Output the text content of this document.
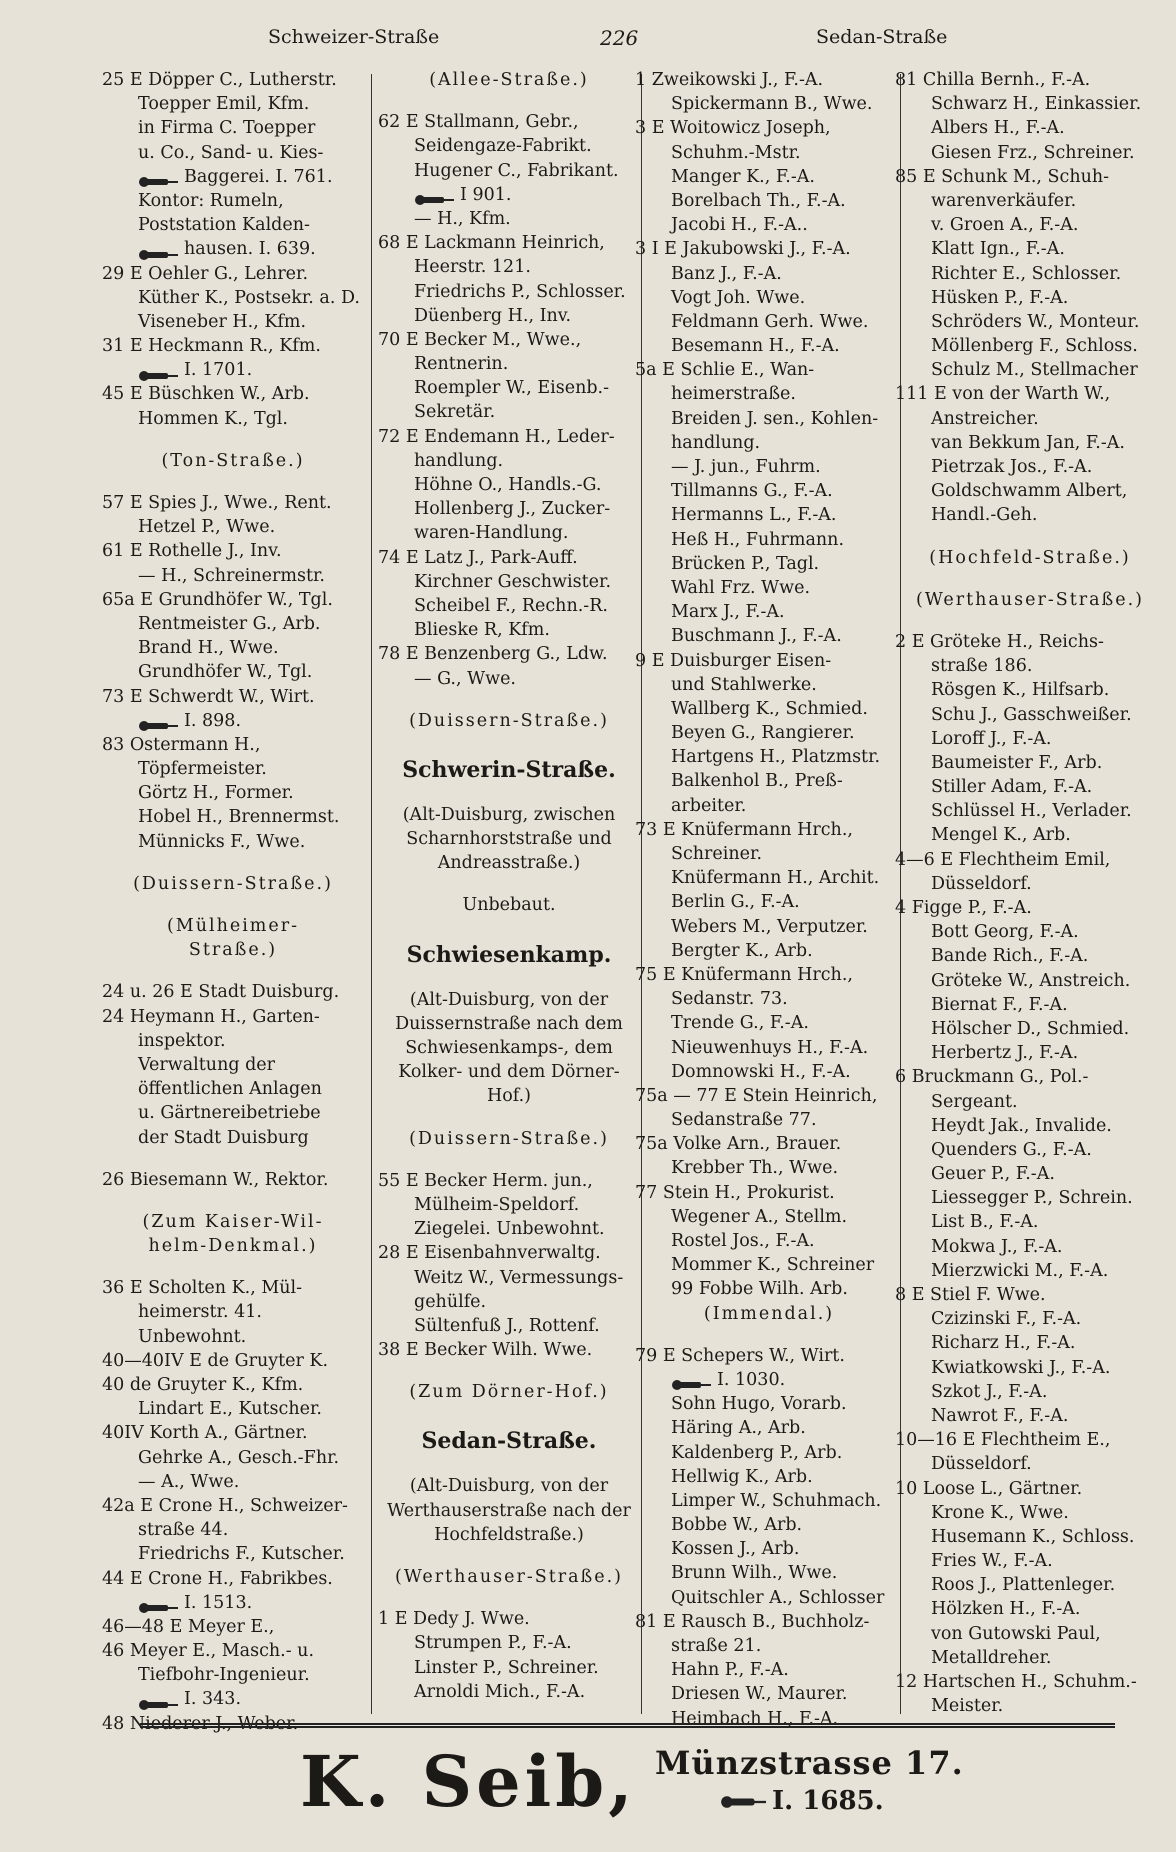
Schweizer-Straße	226	Sedan-Straße
25 E Döpper C., Lutherstr.
Toepper Emil, Kfm.
in Firma C. Toepper
u. Co., Sand- u. Kies-
Baggerei. I. 761.
Kontor: Rumeln,
Poststation Kalden-
hausen. I. 639.
29 E Oehler G., Lehrer.
Küther K., Postsekr. a. D.
Viseneber H., Kfm.
31 E Heckmann R., Kfm.
I. 1701.
45 E Büschken W., Arb.
Hommen K., Tgl.
(Ton-Straße.)
57 E Spies J., Wwe., Rent.
Hetzel P., Wwe.
61 E Rothelle J., Inv.
— H., Schreinermstr.
65a E Grundhöfer W., Tgl.
Rentmeister G., Arb.
Brand H., Wwe.
Grundhöfer W., Tgl.
73 E Schwerdt W., Wirt.
I. 898.
83 Ostermann H.,
Töpfermeister.
Görtz H., Former.
Hobel H., Brennermst.
Münnicks F., Wwe.
(Duissern-Straße.)
(Mülheimer-
Straße.)
24 u. 26 E Stadt Duisburg.
24 Heymann H., Garten-
inspektor.
Verwaltung der
öffentlichen Anlagen
u. Gärtnereibetriebe
der Stadt Duisburg
26 Biesemann W., Rektor.
(Zum Kaiser-Wil-
helm-Denkmal.)
36 E Scholten K., Mül-
heimerstr. 41.
Unbewohnt.
40—40IV E de Gruyter K.
40 de Gruyter K., Kfm.
Lindart E., Kutscher.
40IV Korth A., Gärtner.
Gehrke A., Gesch.-Fhr.
— A., Wwe.
42a E Crone H., Schweizer-
straße 44.
Friedrichs F., Kutscher.
44 E Crone H., Fabrikbes.
I. 1513.
46—48 E Meyer E.,
46 Meyer E., Masch.- u.
Tiefbohr-Ingenieur.
I. 343.
48 Niederer J., Weber.
(Allee-Straße.)
62 E Stallmann, Gebr.,
Seidengaze-Fabrikt.
Hugener C., Fabrikant.
I 901.
— H., Kfm.
68 E Lackmann Heinrich,
Heerstr. 121.
Friedrichs P., Schlosser.
Düenberg H., Inv.
70 E Becker M., Wwe.,
Rentnerin.
Roempler W., Eisenb.-
Sekretär.
72 E Endemann H., Leder-
handlung.
Höhne O., Handls.-G.
Hollenberg J., Zucker-
waren-Handlung.
74 E Latz J., Park-Auff.
Kirchner Geschwister.
Scheibel F., Rechn.-R.
Blieske R, Kfm.
78 E Benzenberg G., Ldw.
— G., Wwe.
(Duissern-Straße.)
Schwerin-Straße.
(Alt-Duisburg, zwischen
Scharnhorststraße und
Andreasstraße.)
Unbebaut.
Schwiesenkamp.
(Alt-Duisburg, von der
Duissernstraße nach dem
Schwiesenkamps-, dem
Kolker- und dem Dörner-
Hof.)
(Duissern-Straße.)
55 E Becker Herm. jun.,
Mülheim-Speldorf.
Ziegelei. Unbewohnt.
28 E Eisenbahnverwaltg.
Weitz W., Vermessungs-
gehülfe.
Sültenfuß J., Rottenf.
38 E Becker Wilh. Wwe.
(Zum Dörner-Hof.)
Sedan-Straße.
(Alt-Duisburg, von der
Werthauserstraße nach der
Hochfeldstraße.)
(Werthauser-Straße.)
1 E Dedy J. Wwe.
Strumpen P., F.-A.
Linster P., Schreiner.
Arnoldi Mich., F.-A.
1 Zweikowski J., F.-A.
Spickermann B., Wwe.
3 E Woitowicz Joseph,
Schuhm.-Mstr.
Manger K., F.-A.
Borelbach Th., F.-A.
Jacobi H., F.-A..
3 I E Jakubowski J., F.-A.
Banz J., F.-A.
Vogt Joh. Wwe.
Feldmann Gerh. Wwe.
Besemann H., F.-A.
5a E Schlie E., Wan-
heimerstraße.
Breiden J. sen., Kohlen-
handlung.
— J. jun., Fuhrm.
Tillmanns G., F.-A.
Hermanns L., F.-A.
Heß H., Fuhrmann.
Brücken P., Tagl.
Wahl Frz. Wwe.
Marx J., F.-A.
Buschmann J., F.-A.
9 E Duisburger Eisen-
und Stahlwerke.
Wallberg K., Schmied.
Beyen G., Rangierer.
Hartgens H., Platzmstr.
Balkenhol B., Preß-
arbeiter.
73 E Knüfermann Hrch.,
Schreiner.
Knüfermann H., Archit.
Berlin G., F.-A.
Webers M., Verputzer.
Bergter K., Arb.
75 E Knüfermann Hrch.,
Sedanstr. 73.
Trende G., F.-A.
Nieuwenhuys H., F.-A.
Domnowski H., F.-A.
75a — 77 E Stein Heinrich,
Sedanstraße 77.
75a Volke Arn., Brauer.
Krebber Th., Wwe.
77 Stein H., Prokurist.
Wegener A., Stellm.
Rostel Jos., F.-A.
Mommer K., Schreiner
99 Fobbe Wilh. Arb.
(Immendal.)
79 E Schepers W., Wirt.
I. 1030.
Sohn Hugo, Vorarb.
Häring A., Arb.
Kaldenberg P., Arb.
Hellwig K., Arb.
Limper W., Schuhmach.
Bobbe W., Arb.
Kossen J., Arb.
Brunn Wilh., Wwe.
Quitschler A., Schlosser
81 E Rausch B., Buchholz-
straße 21.
Hahn P., F.-A.
Driesen W., Maurer.
Heimbach H., F.-A.
81 Chilla Bernh., F.-A.
Schwarz H., Einkassier.
Albers H., F.-A.
Giesen Frz., Schreiner.
85 E Schunk M., Schuh-
warenverkäufer.
v. Groen A., F.-A.
Klatt Ign., F.-A.
Richter E., Schlosser.
Hüsken P., F.-A.
Schröders W., Monteur.
Möllenberg F., Schloss.
Schulz M., Stellmacher
111 E von der Warth W.,
Anstreicher.
van Bekkum Jan, F.-A.
Pietrzak Jos., F.-A.
Goldschwamm Albert,
Handl.-Geh.
(Hochfeld-Straße.)
(Werthauser-Straße.)
2 E Gröteke H., Reichs-
straße 186.
Rösgen K., Hilfsarb.
Schu J., Gasschweißer.
Loroff J., F.-A.
Baumeister F., Arb.
Stiller Adam, F.-A.
Schlüssel H., Verlader.
Mengel K., Arb.
4—6 E Flechtheim Emil,
Düsseldorf.
4 Figge P., F.-A.
Bott Georg, F.-A.
Bande Rich., F.-A.
Gröteke W., Anstreich.
Biernat F., F.-A.
Hölscher D., Schmied.
Herbertz J., F.-A.
6 Bruckmann G., Pol.-
Sergeant.
Heydt Jak., Invalide.
Quenders G., F.-A.
Geuer P., F.-A.
Liessegger P., Schrein.
List B., F.-A.
Mokwa J., F.-A.
Mierzwicki M., F.-A.
8 E Stiel F. Wwe.
Czizinski F., F.-A.
Richarz H., F.-A.
Kwiatkowski J., F.-A.
Szkot J., F.-A.
Nawrot F., F.-A.
10—16 E Flechtheim E.,
Düsseldorf.
10 Loose L., Gärtner.
Krone K., Wwe.
Husemann K., Schloss.
Fries W., F.-A.
Roos J., Plattenleger.
Hölzken H., F.-A.
von Gutowski Paul,
Metalldreher.
12 Hartschen H., Schuhm.-
Meister.
K. Seib, Münzstrasse 17.
I. 1685.
